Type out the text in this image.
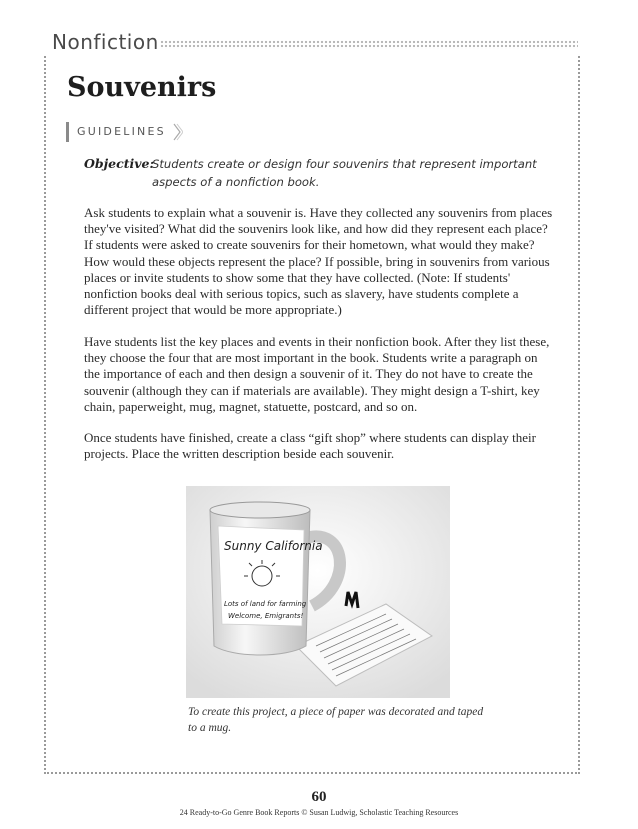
Nonfiction
Souvenirs
GUIDELINES
Objective:
Students create or design four souvenirs that represent important aspects of a nonfiction book.

Ask students to explain what a souvenir is. Have they collected any souvenirs from places they've visited? What did the souvenirs look like, and how did they represent each place? If students were asked to create souvenirs for their hometown, what would they make? How would these objects represent the place? If possible, bring in souvenirs from various places or invite students to show some that they have collected. (Note: If students' nonfiction books deal with serious topics, such as slavery, have students complete a different project that would be more appropriate.)

Have students list the key places and events in their nonfiction book. After they list these, they choose the four that are most important in the book. Students write a paragraph on the importance of each and then design a souvenir of it. They do not have to create the souvenir (although they can if materials are available). They might design a T-shirt, key chain, paperweight, mug, magnet, statuette, postcard, and so on.

Once students have finished, create a class “gift shop” where students can display their projects. Place the written description beside each souvenir.

Sunny California
Lots of land for farming
Welcome, Emigrants!
To create this project, a piece of paper was decorated and taped to a mug.
60
24 Ready-to-Go Genre Book Reports © Susan Ludwig, Scholastic Teaching Resources
